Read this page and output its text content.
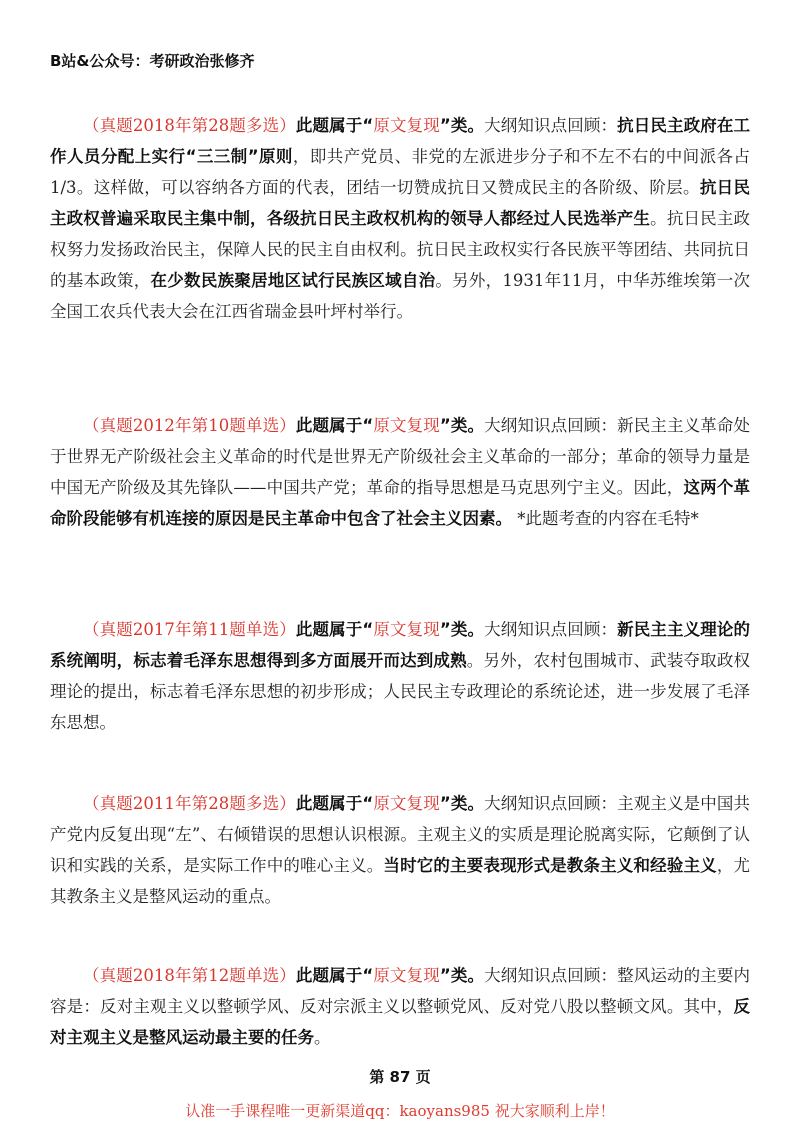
B站&公众号：考研政治张修齐
（真题2018年第28题多选）此题属于“原文复现”类。大纲知识点回顾：抗日民主政府在工作人员分配上实行“三三制”原则，即共产党员、非党的左派进步分子和不左不右的中间派各占1/3。这样做，可以容纳各方面的代表，团结一切赞成抗日又赞成民主的各阶级、阶层。抗日民主政权普遍采取民主集中制，各级抗日民主政权机构的领导人都经过人民选举产生。抗日民主政权努力发扬政治民主，保障人民的民主自由权利。抗日民主政权实行各民族平等团结、共同抗日的基本政策，在少数民族聚居地区试行民族区域自治。另外，1931年11月，中华苏维埃第一次全国工农兵代表大会在江西省瑞金县叶坪村举行。
（真题2012年第10题单选）此题属于“原文复现”类。大纲知识点回顾：新民主主义革命处于世界无产阶级社会主义革命的时代是世界无产阶级社会主义革命的一部分；革命的领导力量是中国无产阶级及其先锋队——中国共产党；革命的指导思想是马克思列宁主义。因此，这两个革命阶段能够有机连接的原因是民主革命中包含了社会主义因素。 *此题考查的内容在毛特*
（真题2017年第11题单选）此题属于“原文复现”类。大纲知识点回顾：新民主主义理论的系统阐明，标志着毛泽东思想得到多方面展开而达到成熟。另外，农村包围城市、武装夺取政权理论的提出，标志着毛泽东思想的初步形成；人民民主专政理论的系统论述，进一步发展了毛泽东思想。
（真题2011年第28题多选）此题属于“原文复现”类。大纲知识点回顾：主观主义是中国共产党内反复出现“左”、右倾错误的思想认识根源。主观主义的实质是理论脱离实际，它颠倒了认识和实践的关系，是实际工作中的唯心主义。当时它的主要表现形式是教条主义和经验主义，尤其教条主义是整风运动的重点。
（真题2018年第12题单选）此题属于“原文复现”类。大纲知识点回顾：整风运动的主要内容是：反对主观主义以整顿学风、反对宗派主义以整顿党风、反对党八股以整顿文风。其中，反对主观主义是整风运动最主要的任务。
第 87 页
认准一手课程唯一更新渠道qq：kaoyans985 祝大家顺利上岸！
